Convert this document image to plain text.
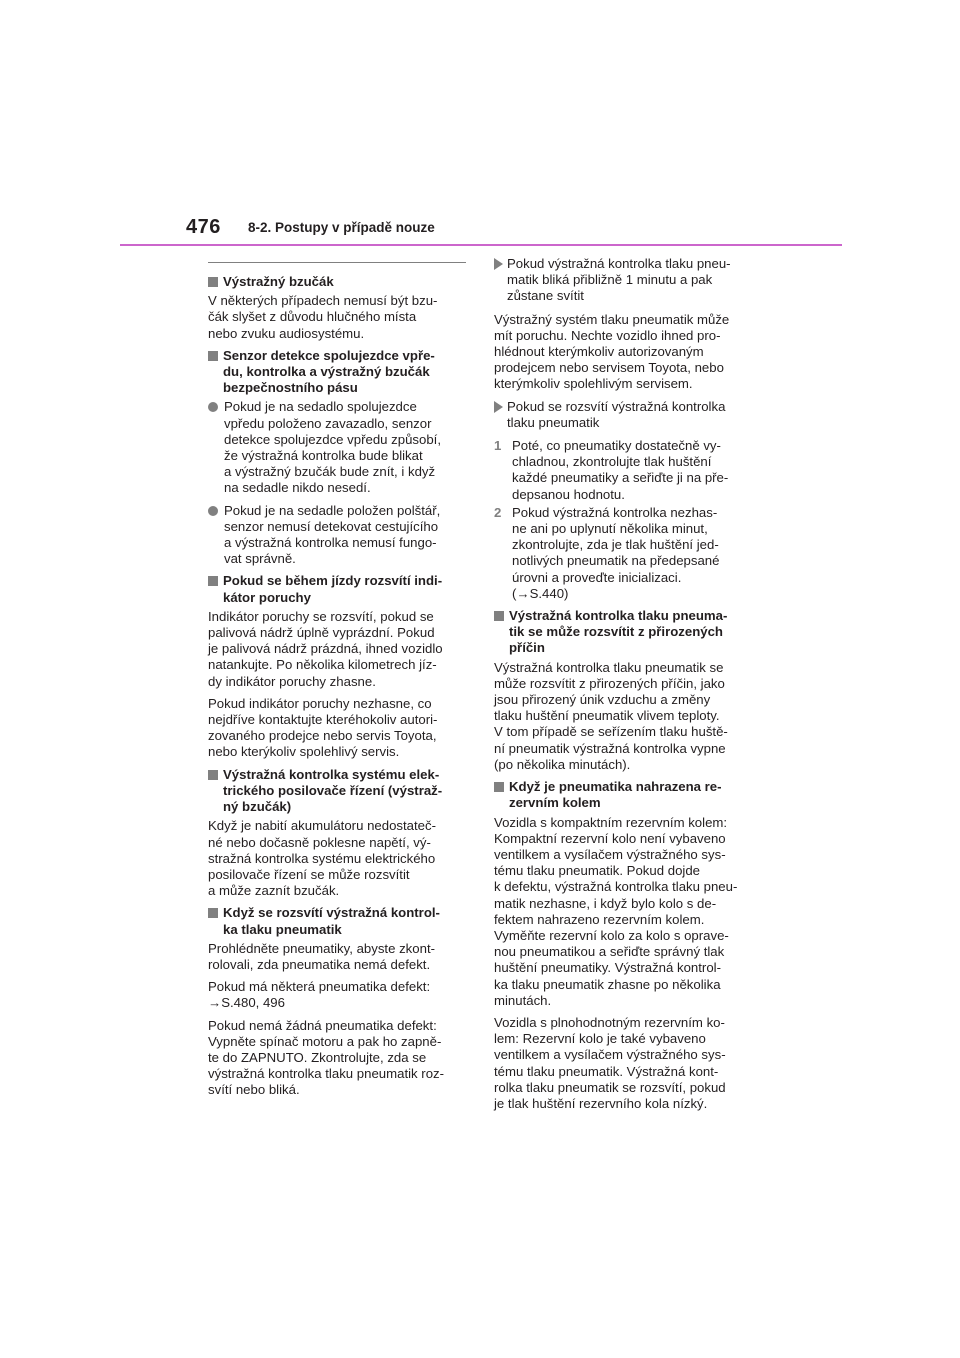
476 8-2. Postupy v případě nouze
Výstražný bzučák
V některých případech nemusí být bzu-
čák slyšet z důvodu hlučného místa
nebo zvuku audiosystému.
Senzor detekce spolujezdce vpře-
du, kontrolka a výstražný bzučák
bezpečnostního pásu
Pokud je na sedadlo spolujezdce
vpředu položeno zavazadlo, senzor
detekce spolujezdce vpředu způsobí,
že výstražná kontrolka bude blikat
a výstražný bzučák bude znít, i když
na sedadle nikdo nesedí.
Pokud je na sedadle položen polštář,
senzor nemusí detekovat cestujícího
a výstražná kontrolka nemusí fungo-
vat správně.
Pokud se během jízdy rozsvítí indi-
kátor poruchy
Indikátor poruchy se rozsvítí, pokud se
palivová nádrž úplně vyprázdní. Pokud
je palivová nádrž prázdná, ihned vozidlo
natankujte. Po několika kilometrech jíz-
dy indikátor poruchy zhasne.
Pokud indikátor poruchy nezhasne, co
nejdříve kontaktujte kteréhokoliv autori-
zovaného prodejce nebo servis Toyota,
nebo kterýkoliv spolehlivý servis.
Výstražná kontrolka systému elek-
trického posilovače řízení (výstraž-
ný bzučák)
Když je nabití akumulátoru nedostateč-
né nebo dočasně poklesne napětí, vý-
stražná kontrolka systému elektrického
posilovače řízení se může rozsvítit
a může zaznít bzučák.
Když se rozsvítí výstražná kontrol-
ka tlaku pneumatik
Prohlédněte pneumatiky, abyste zkont-
rolovali, zda pneumatika nemá defekt.
Pokud má některá pneumatika defekt:
→S.480, 496
Pokud nemá žádná pneumatika defekt:
Vypněte spínač motoru a pak ho zapně-
te do ZAPNUTO. Zkontrolujte, zda se
výstražná kontrolka tlaku pneumatik roz-
svítí nebo bliká.
Pokud výstražná kontrolka tlaku pneu-
matik bliká přibližně 1 minutu a pak
zůstane svítit
Výstražný systém tlaku pneumatik může
mít poruchu. Nechte vozidlo ihned pro-
hlédnout kterýmkoliv autorizovaným
prodejcem nebo servisem Toyota, nebo
kterýmkoliv spolehlivým servisem.
Pokud se rozsvítí výstražná kontrolka
tlaku pneumatik
1 Poté, co pneumatiky dostatečně vy-
chladnou, zkontrolujte tlak huštění
každé pneumatiky a seřiďte ji na pře-
depsanou hodnotu.
2 Pokud výstražná kontrolka nezhas-
ne ani po uplynutí několika minut,
zkontrolujte, zda je tlak huštění jed-
notlivých pneumatik na předepsané
úrovni a proveďte inicializaci.
(→S.440)
Výstražná kontrolka tlaku pneuma-
tik se může rozsvítit z přirozených
příčin
Výstražná kontrolka tlaku pneumatik se
může rozsvítit z přirozených příčin, jako
jsou přirozený únik vzduchu a změny
tlaku huštění pneumatik vlivem teploty.
V tom případě se seřízením tlaku huště-
ní pneumatik výstražná kontrolka vypne
(po několika minutách).
Když je pneumatika nahrazena re-
zervním kolem
Vozidla s kompaktním rezervním kolem:
Kompaktní rezervní kolo není vybaveno
ventilkem a vysílačem výstražného sys-
tému tlaku pneumatik. Pokud dojde
k defektu, výstražná kontrolka tlaku pneu-
matik nezhasne, i když bylo kolo s de-
fektem nahrazeno rezervním kolem.
Vyměňte rezervní kolo za kolo s oprave-
nou pneumatikou a seřiďte správný tlak
huštění pneumatiky. Výstražná kontrol-
ka tlaku pneumatik zhasne po několika
minutách.
Vozidla s plnohodnotným rezervním ko-
lem: Rezervní kolo je také vybaveno
ventilkem a vysílačem výstražného sys-
tému tlaku pneumatik. Výstražná kont-
rolka tlaku pneumatik se rozsvítí, pokud
je tlak huštění rezervního kola nízký.
